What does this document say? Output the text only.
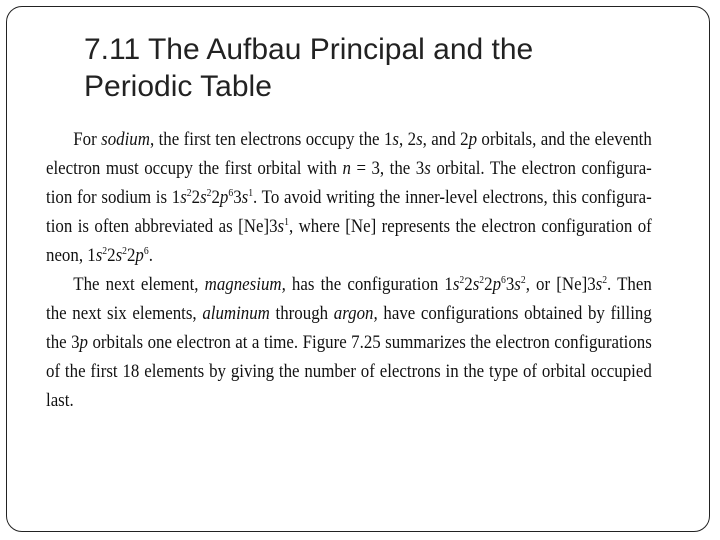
7.11 The Aufbau Principal and the
Periodic Table
For sodium, the first ten electrons occupy the 1s, 2s, and 2p orbitals, and the eleventh
electron must occupy the first orbital with n = 3, the 3s orbital. The electron configura-
tion for sodium is $1s^22s^22p^63s^1$. To avoid writing the inner-level electrons, this configura-
tion is often abbreviated as $[Ne]3s^1$, where [Ne] represents the electron configuration of
neon, $1s^22s^22p^6$.
The next element, magnesium, has the configuration $1s^22s^22p^63s^2$, or $[Ne]3s^2$. Then
the next six elements, aluminum through argon, have configurations obtained by filling
the 3p orbitals one electron at a time. Figure 7.25 summarizes the electron configurations
of the first 18 elements by giving the number of electrons in the type of orbital occupied
last.
